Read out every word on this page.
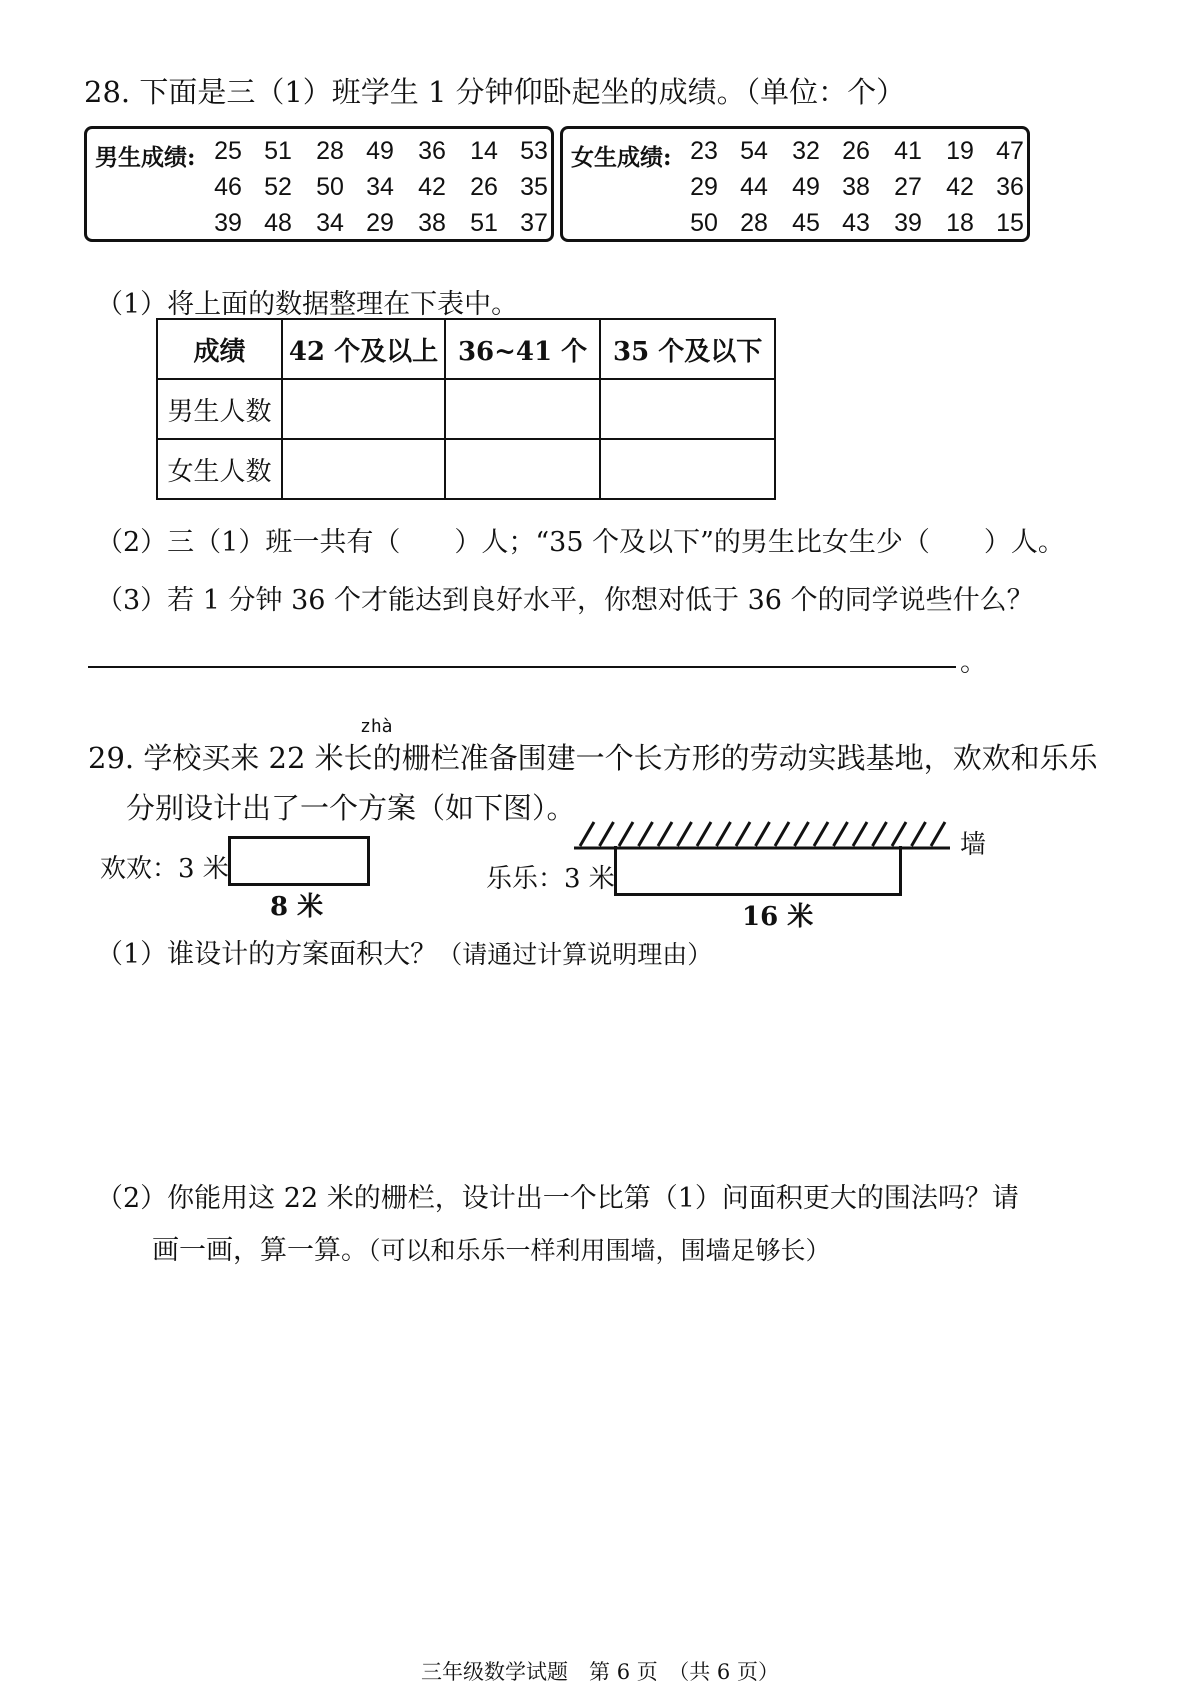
28. 下面是三（1）班学生 1 分钟仰卧起坐的成绩。（单位：个）
男生成绩: 25 51 28 49 36 14 53
46 52 50 34 42 26 35
39 48 34 29 38 51 37
女生成绩: 23 54 32 26 41 19 47
29 44 49 38 27 42 36
50 28 45 43 39 18 15
（1）将上面的数据整理在下表中。
成绩	42 个及以上	36~41 个	35 个及以下
男生人数			
女生人数			
（2）三（1）班一共有（　　）人；“35 个及以下”的男生比女生少（　　）人。
（3）若 1 分钟 36 个才能达到良好水平，你想对低于 36 个的同学说些什么？
。
zhà
29. 学校买来 22 米长的栅栏准备围建一个长方形的劳动实践基地，欢欢和乐乐
分别设计出了一个方案（如下图）。
欢欢：3 米
8 米
墙
乐乐：3 米
16 米
（1）谁设计的方案面积大？（请通过计算说明理由）
（2）你能用这 22 米的栅栏，设计出一个比第（1）问面积更大的围法吗？请
画一画，算一算。（可以和乐乐一样利用围墙，围墙足够长）
三年级数学试题　第 6 页　（共 6 页）
